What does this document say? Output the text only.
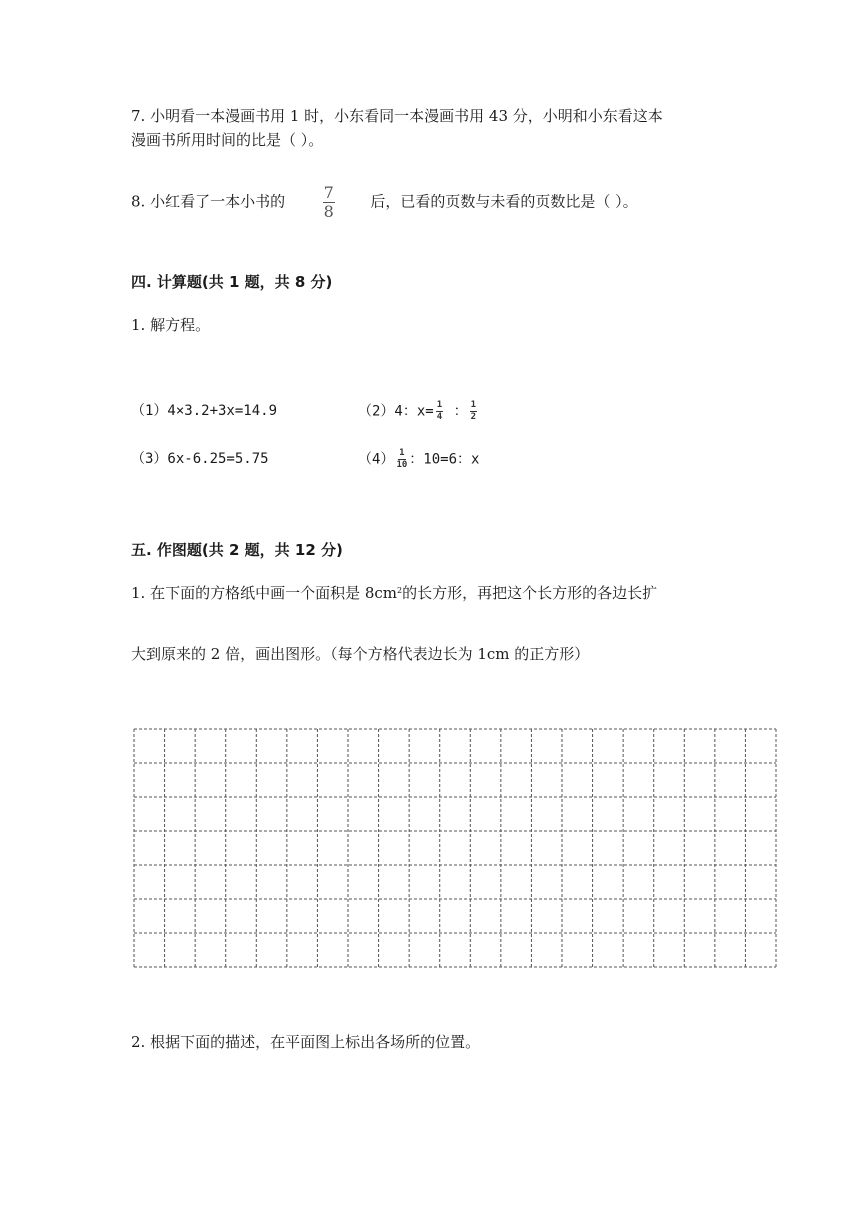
7. 小明看一本漫画书用 1 时，小东看同一本漫画书用 43 分，小明和小东看这本
漫画书所用时间的比是（ ）。
8. 小红看了一本小书的 $\frac{7}{8}$ 后，已看的页数与未看的页数比是（ ）。
四. 计算题(共 1 题，共 8 分)
1. 解方程。
（1）4×3.2+3x=14.9	（2）4：$x= \frac{1}{4}$ ： $\frac{1}{2}$
（3）6x-6.25=5.75	$(4) \frac{1}{10}$ ：10=6：x
五. 作图题(共 2 题，共 12 分)
1. 在下面的方格纸中画一个面积是 $8cm^2$的长方形，再把这个长方形的各边长扩
大到原来的 2 倍，画出图形。（每个方格代表边长为 1cm 的正方形）
2. 根据下面的描述，在平面图上标出各场所的位置。
